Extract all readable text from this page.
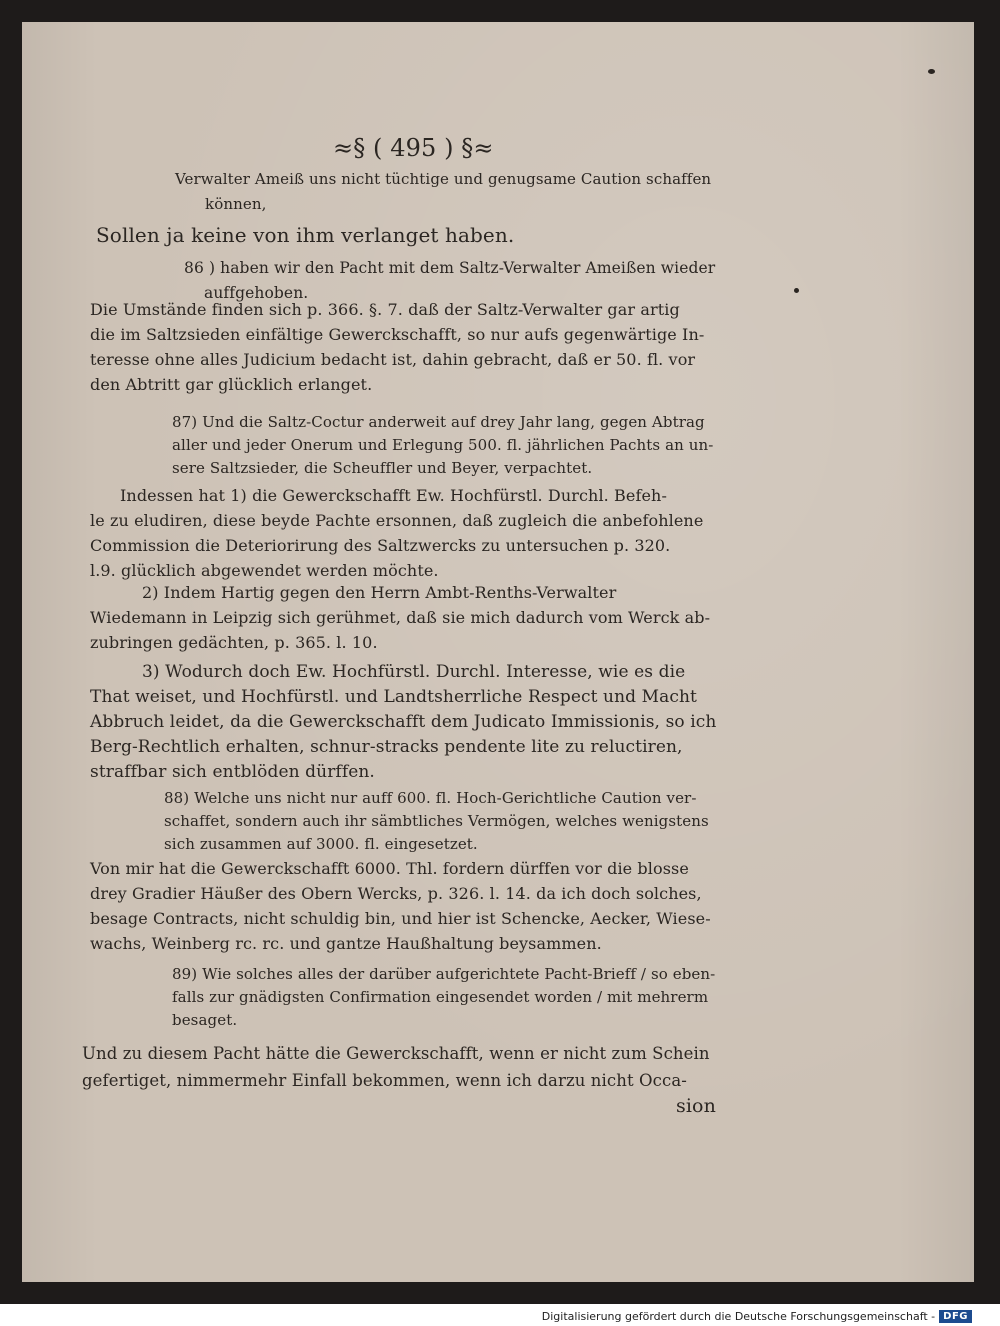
≈§ ( 495 ) §≈
Verwalter Ameiß uns nicht tüchtige und genugsame Caution schaffen
können,
Sollen ja keine von ihm verlanget haben.
86 ) haben wir den Pacht mit dem Saltz-Verwalter Ameißen wieder
auffgehoben.
Die Umstände finden sich p. 366. §. 7. daß der Saltz-Verwalter gar artig
die im Saltzsieden einfältige Gewerckschafft, so nur aufs gegenwärtige In-
teresse ohne alles Judicium bedacht ist, dahin gebracht, daß er 50. fl. vor
den Abtritt gar glücklich erlanget.
87) Und die Saltz-Coctur anderweit auf drey Jahr lang, gegen Abtrag
aller und jeder Onerum und Erlegung 500. fl. jährlichen Pachts an un-
sere Saltzsieder, die Scheuffler und Beyer, verpachtet.
Indessen hat 1) die Gewerckschafft Ew. Hochfürstl. Durchl. Befeh-
le zu eludiren, diese beyde Pachte ersonnen, daß zugleich die anbefohlene
Commission die Deteriorirung des Saltzwercks zu untersuchen p. 320.
l.9. glücklich abgewendet werden möchte.
2) Indem Hartig gegen den Herrn Ambt-Renths-Verwalter
Wiedemann in Leipzig sich gerühmet, daß sie mich dadurch vom Werck ab-
zubringen gedächten, p. 365. l. 10.
3) Wodurch doch Ew. Hochfürstl. Durchl. Interesse, wie es die
That weiset, und Hochfürstl. und Landtsherrliche Respect und Macht
Abbruch leidet, da die Gewerckschafft dem Judicato Immissionis, so ich
Berg-Rechtlich erhalten, schnur-stracks pendente lite zu reluctiren,
straffbar sich entblöden dürffen.
88) Welche uns nicht nur auff 600. fl. Hoch-Gerichtliche Caution ver-
schaffet, sondern auch ihr sämbtliches Vermögen, welches wenigstens
sich zusammen auf 3000. fl. eingesetzet.
Von mir hat die Gewerckschafft 6000. Thl. fordern dürffen vor die blosse
drey Gradier Häußer des Obern Wercks, p. 326. l. 14. da ich doch solches,
besage Contracts, nicht schuldig bin, und hier ist Schencke, Aecker, Wiese-
wachs, Weinberg rc. rc. und gantze Haußhaltung beysammen.
89) Wie solches alles der darüber aufgerichtete Pacht-Brieff / so eben-
falls zur gnädigsten Confirmation eingesendet worden / mit mehrerm
besaget.
Und zu diesem Pacht hätte die Gewerckschafft, wenn er nicht zum Schein
gefertiget, nimmermehr Einfall bekommen, wenn ich darzu nicht Occa-
sion
Digitalisierung gefördert durch die Deutsche Forschungsgemeinschaft - DFG
